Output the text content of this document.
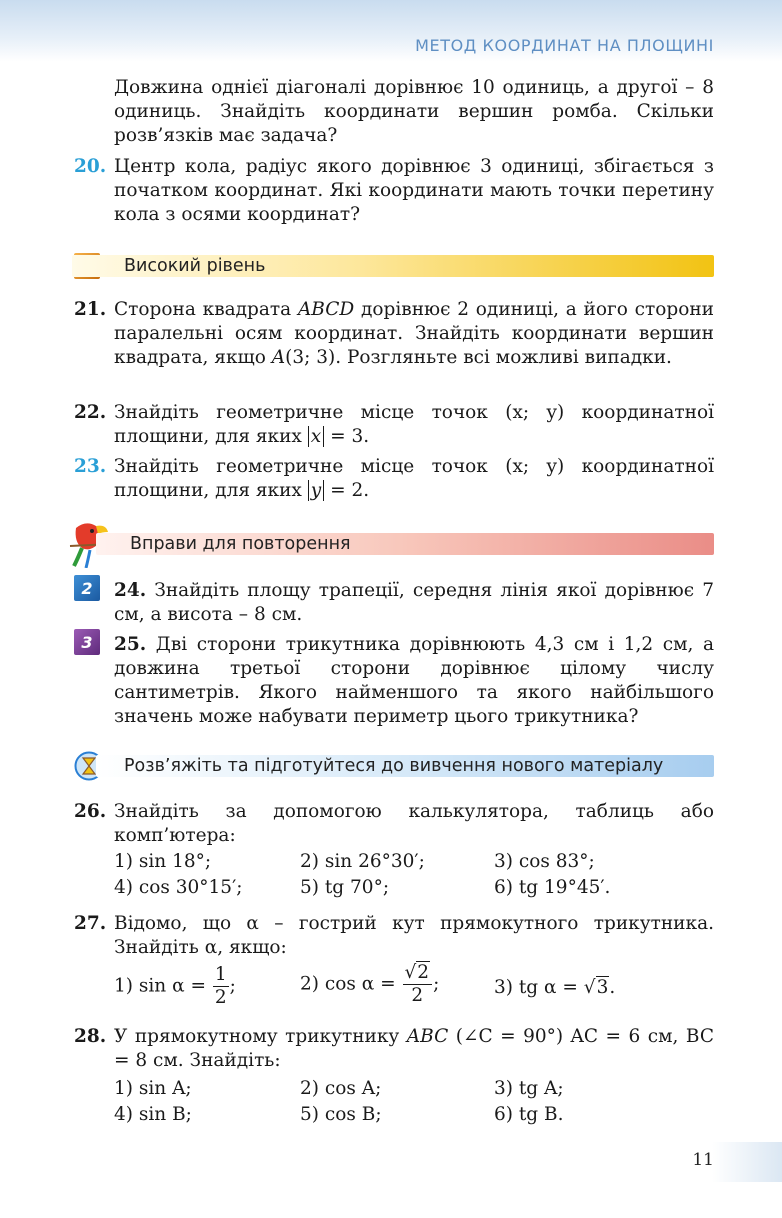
МЕТОД КООРДИНАТ НА ПЛОЩИНІ
Довжина однієї діагоналі дорівнює 10 одиниць, а другої – 8 одиниць. Знайдіть координати вершин ромба. Скільки розв’язків має задача?
20. Центр кола, радіус якого дорівнює 3 одиниці, збігається з початком координат. Які координати мають точки перетину кола з осями координат?
Високий рівень
21. Сторона квадрата ABCD дорівнює 2 одиниці, а його сторони паралельні осям координат. Знайдіть координати вершин квадрата, якщо A(3; 3). Розгляньте всі можливі випадки.
22. Знайдіть геометричне місце точок (x; y) координатної площини, для яких x = 3.
23. Знайдіть геометричне місце точок (x; y) координатної площини, для яких y = 2.
Вправи для повторення
2	24. Знайдіть площу трапеції, середня лінія якої дорівнює 7 см, а висота – 8 см.
3	25. Дві сторони трикутника дорівнюють 4,3 см і 1,2 см, а довжина третьої сторони дорівнює цілому числу сантиметрів. Якого найменшого та якого найбільшого значень може набувати периметр цього трикутника?
Розв’яжіть та підготуйтеся до вивчення нового матеріалу
26. Знайдіть за допомогою калькулятора, таблиць або комп’ютера:
1) sin 18°;	2) sin 26°30′;	3) cos 83°;
4) cos 30°15′;	5) tg 70°;	6) tg 19°45′.
27. Відомо, що α – гострий кут прямокутного трикутника. Знайдіть α, якщо:
1) $\sin \alpha = \frac{1}{2}$ ;	2) $\cos \alpha = \frac{√2}{2}$ ;	3) tg α = √3.
28. У прямокутному трикутнику ABC (∠C = 90°) AC = 6 см, BC = 8 см. Знайдіть:
1) sin A;	2) cos A;	3) tg A;
4) sin B;	5) cos B;	6) tg B.
11
